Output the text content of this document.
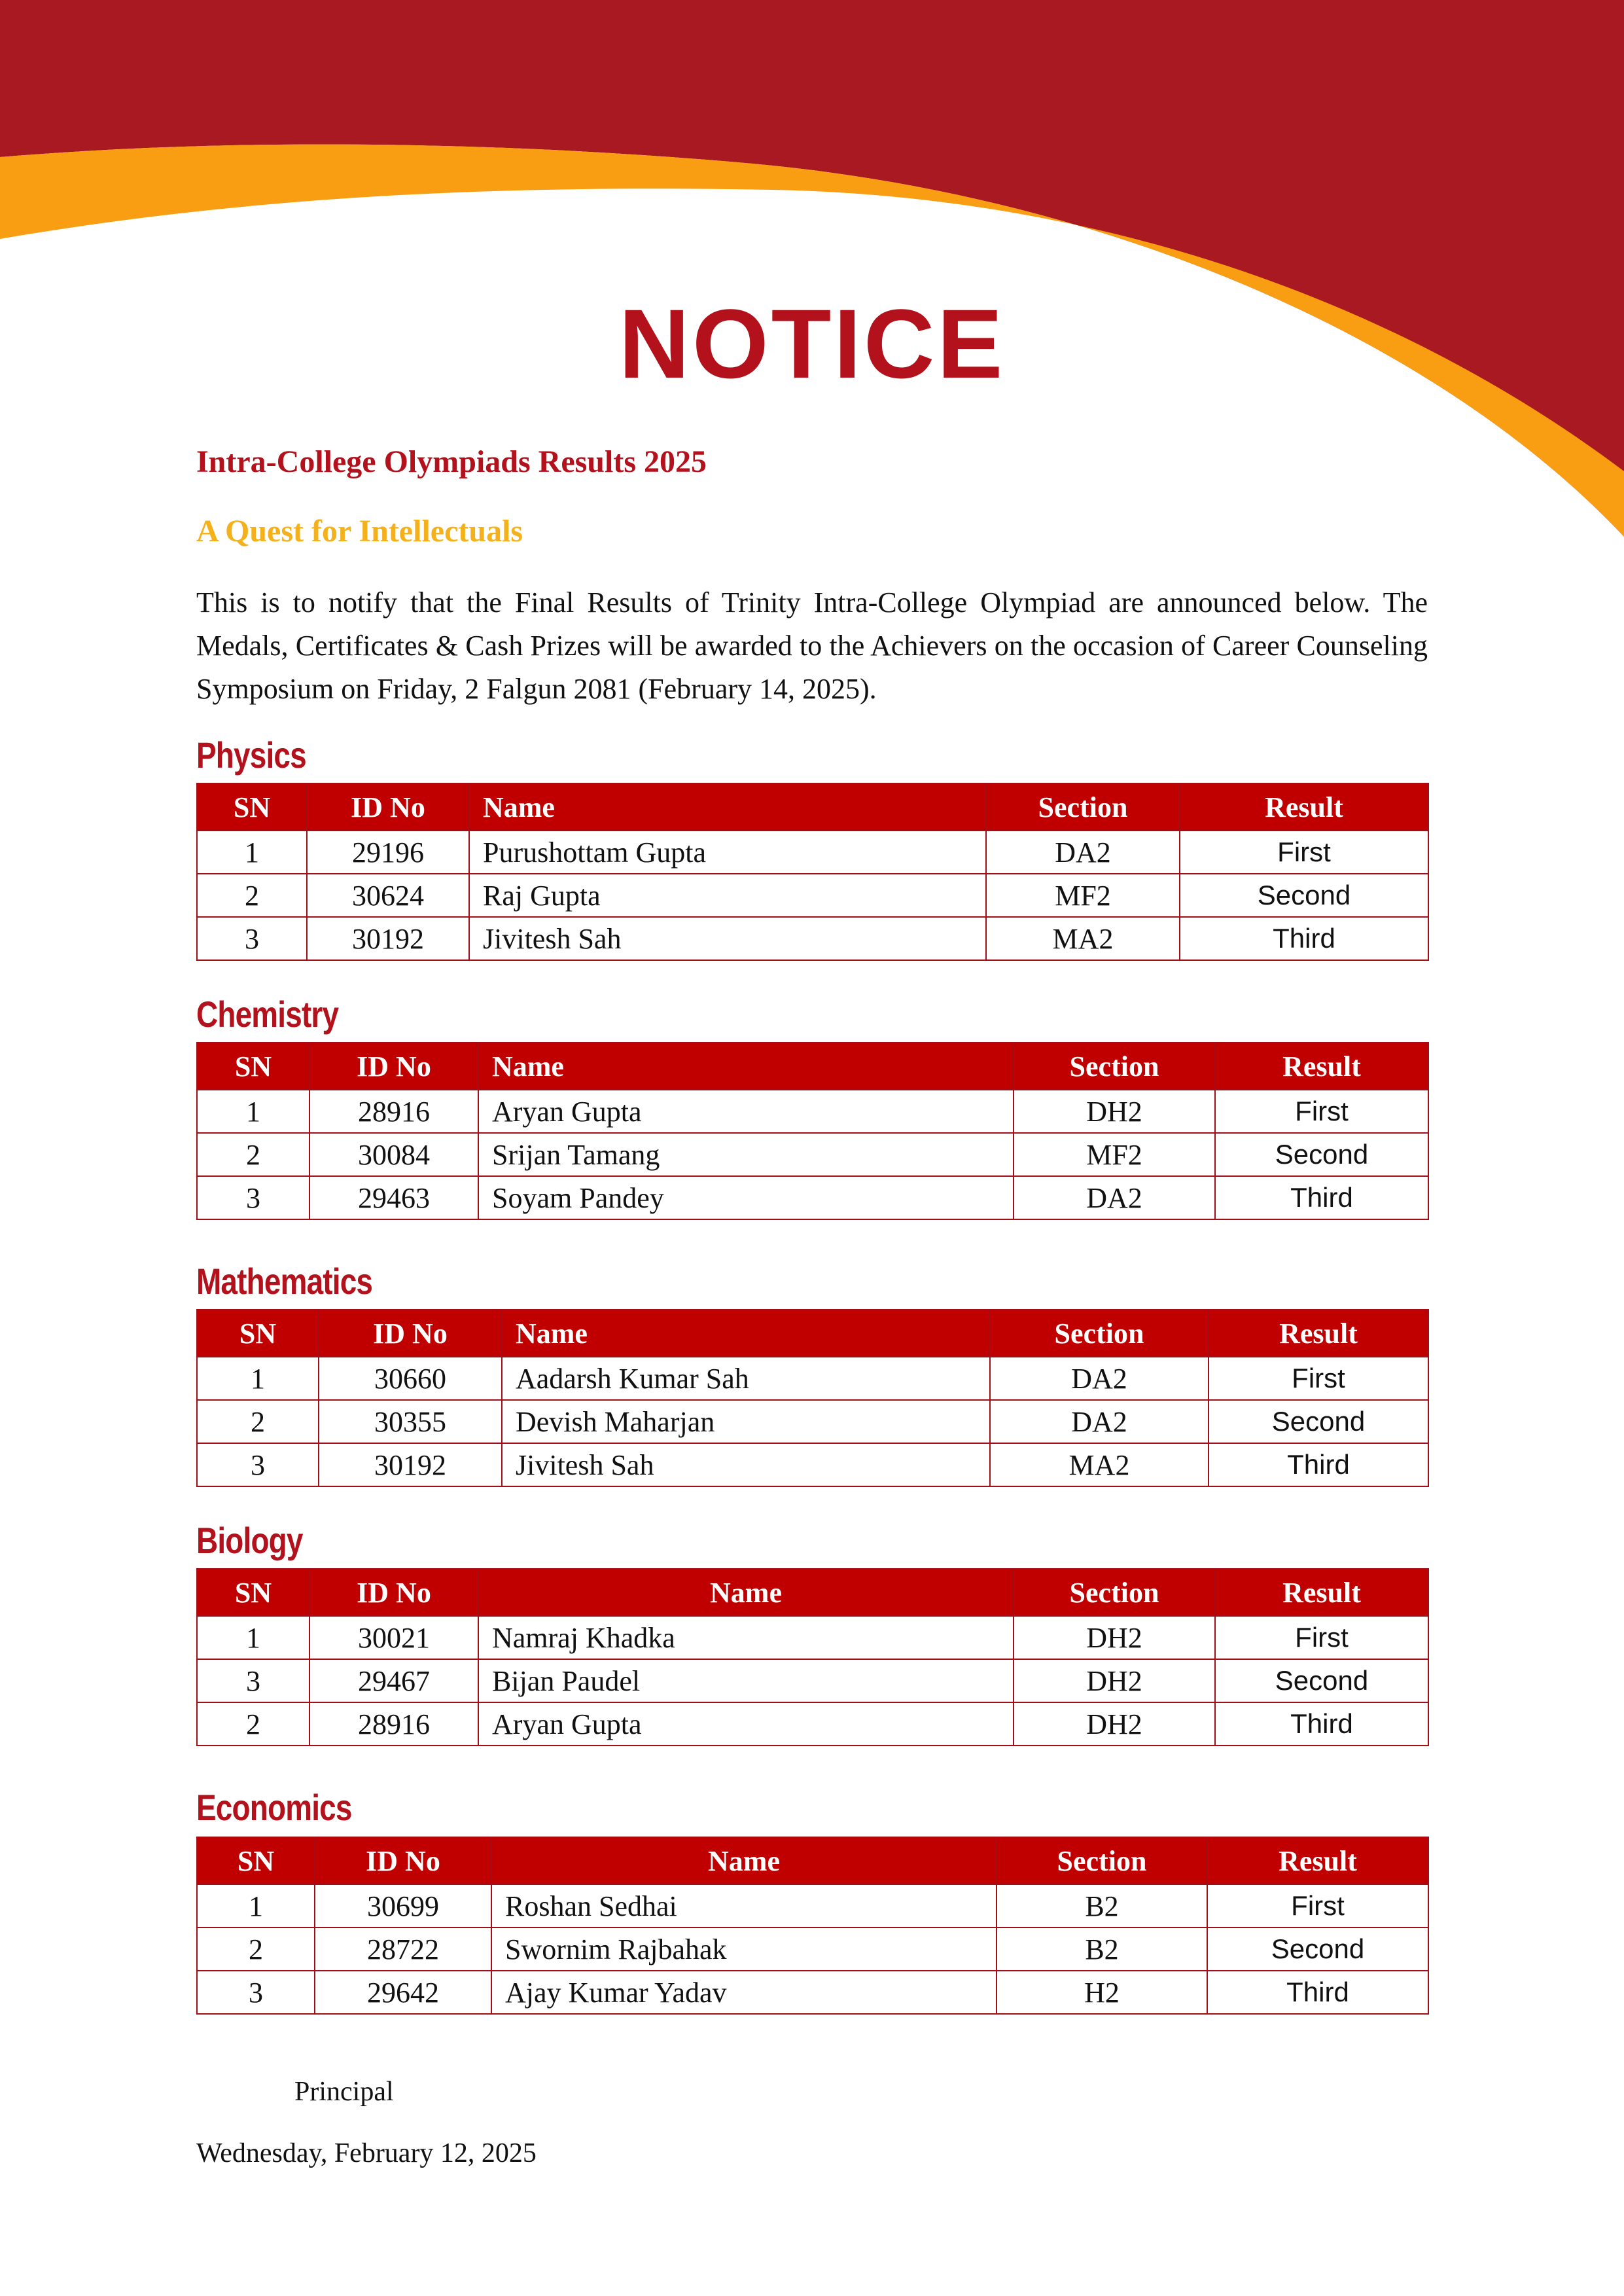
NOTICE
Intra-College Olympiads Results 2025
A Quest for Intellectuals
This is to notify that the Final Results of Trinity Intra-College Olympiad are announced below. The Medals, Certificates & Cash Prizes will be awarded to the Achievers on the occasion of Career Counseling Symposium on Friday, 2 Falgun 2081 (February 14, 2025).
Physics
SN	ID No	Name	Section	Result
1	29196	Purushottam Gupta	DA2	First
2	30624	Raj Gupta	MF2	Second
3	30192	Jivitesh Sah	MA2	Third
Chemistry
SN	ID No	Name	Section	Result
1	28916	Aryan Gupta	DH2	First
2	30084	Srijan Tamang	MF2	Second
3	29463	Soyam Pandey	DA2	Third
Mathematics
SN	ID No	Name	Section	Result
1	30660	Aadarsh Kumar Sah	DA2	First
2	30355	Devish Maharjan	DA2	Second
3	30192	Jivitesh Sah	MA2	Third
Biology
SN	ID No	Name	Section	Result
1	30021	Namraj Khadka	DH2	First
3	29467	Bijan Paudel	DH2	Second
2	28916	Aryan Gupta	DH2	Third
Economics
SN	ID No	Name	Section	Result
1	30699	Roshan Sedhai	B2	First
2	28722	Swornim Rajbahak	B2	Second
3	29642	Ajay Kumar Yadav	H2	Third
Principal
Wednesday, February 12, 2025
